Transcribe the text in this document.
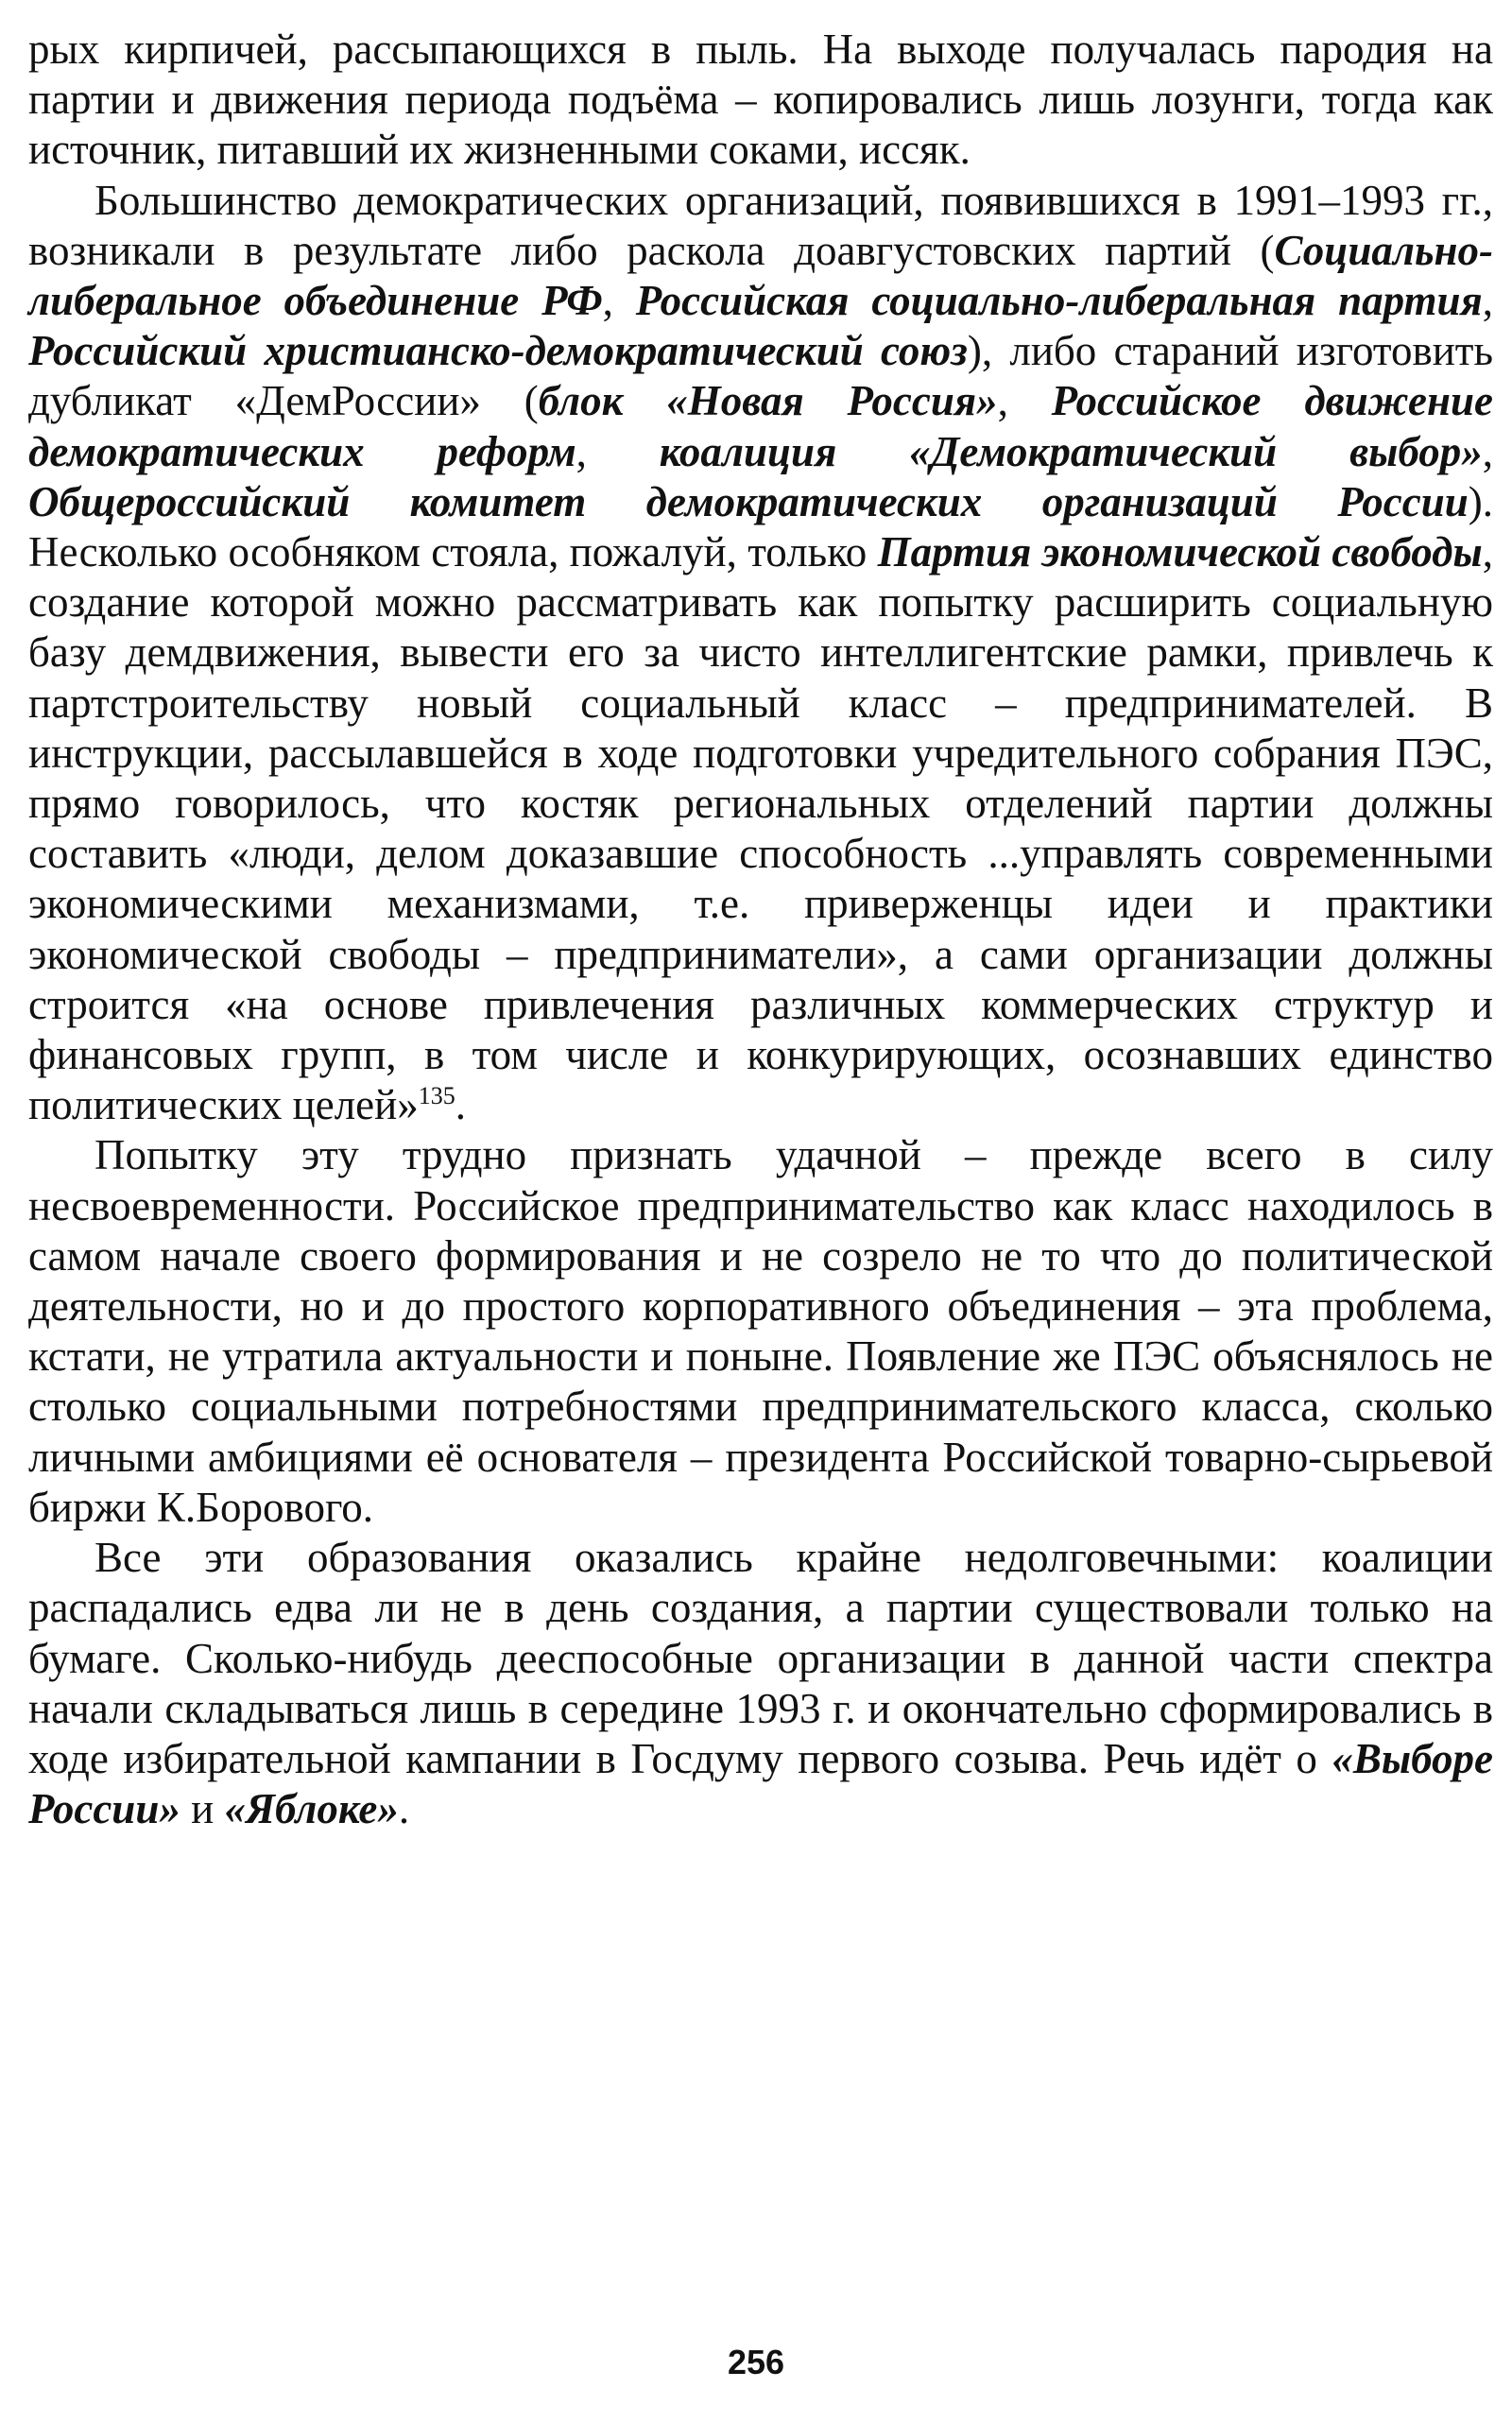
рых кирпичей, рассыпающихся в пыль. На выходе получалась пародия на партии и движения периода подъёма – копировались лишь лозунги, тогда как источник, питавший их жизненными соками, иссяк.

Большинство демократических организаций, появившихся в 1991–1993 гг., возникали в результате либо раскола доавгустовских партий (Социально-либеральное объединение РФ, Российская социально-либеральная партия, Российский христианско-демократический союз), либо стараний изготовить дубликат «ДемРоссии» (блок «Новая Россия», Российское движение демократических реформ, коалиция «Демократический выбор», Общероссийский комитет демократических организаций России). Несколько особняком стояла, пожалуй, только Партия экономической свободы, создание которой можно рассматривать как попытку расширить социальную базу демдвижения, вывести его за чисто интеллигентские рамки, привлечь к партстроительству новый социальный класс – предпринимателей. В инструкции, рассылавшейся в ходе подготовки учредительного собрания ПЭС, прямо говорилось, что костяк региональных отделений партии должны составить «люди, делом доказавшие способность ...управлять современными экономическими механизмами, т.е. приверженцы идеи и практики экономической свободы – предприниматели», а сами организации должны строится «на основе привлечения различных коммерческих структур и финансовых групп, в том числе и конкурирующих, осознавших единство политических целей»$^{135}$.

Попытку эту трудно признать удачной – прежде всего в силу несвоевременности. Российское предпринимательство как класс находилось в самом начале своего формирования и не созрело не то что до политической деятельности, но и до простого корпоративного объединения – эта проблема, кстати, не утратила актуальности и поныне. Появление же ПЭС объяснялось не столько социальными потребностями предпринимательского класса, сколько личными амбициями её основателя – президента Российской товарно-сырьевой биржи К.Борового.

Все эти образования оказались крайне недолговечными: коалиции распадались едва ли не в день создания, а партии существовали только на бумаге. Сколько-нибудь дееспособные организации в данной части спектра начали складываться лишь в середине 1993 г. и окончательно сформировались в ходе избирательной кампании в Госдуму первого созыва. Речь идёт о «Выборе России» и «Яблоке».

256
